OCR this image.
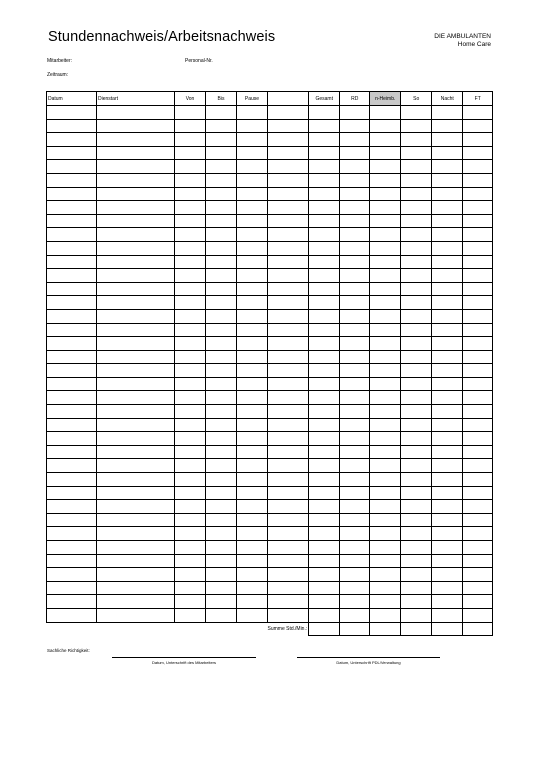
Stundennachweis/Arbeitsnachweis	DIE AMBULANTEN
Home Care
Mitarbeiter:	Personal-Nr.
Zeitraum:
Datum	Dienstart	Von	Bis	Pause		Gesamt	RD	n-Heimb.	So	Nacht	FT

					Summe Std./Min.:						
Sachliche Richtigkeit:
Datum, Unterschrift des Mitarbeiters	Datum, Unterschrift PDL/Verwaltung
